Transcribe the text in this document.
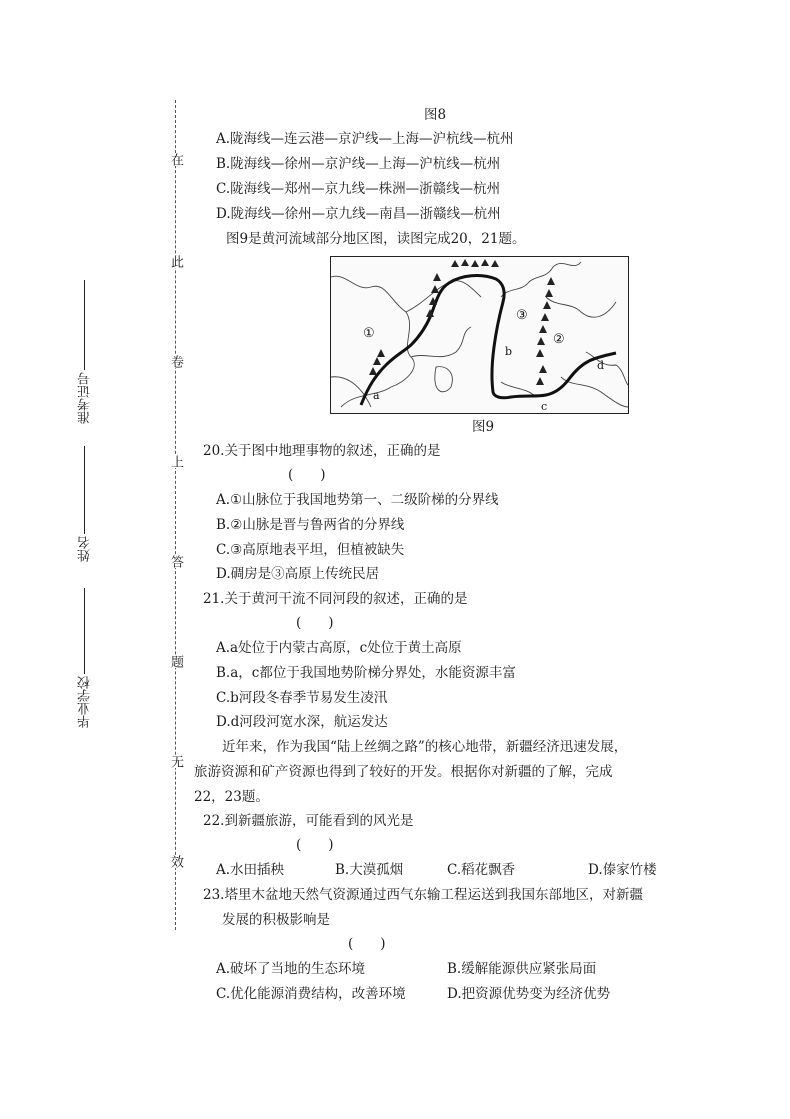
在
此
卷
上
答
题
无
效
准考证号
姓名
毕业学校
图8
A.陇海线—连云港—京沪线—上海—沪杭线—杭州
B.陇海线—徐州—京沪线—上海—沪杭线—杭州
C.陇海线—郑州—京九线—株洲—浙赣线—杭州
D.陇海线—徐州—京九线—南昌—浙赣线—杭州
图9是黄河流域部分地区图，读图完成20，21题。
①
③
②
a
b
c
d
图9
20.关于图中地理事物的叙述，正确的是
(　　)
A.①山脉位于我国地势第一、二级阶梯的分界线
B.②山脉是晋与鲁两省的分界线
C.③高原地表平坦，但植被缺失
D.碉房是③高原上传统民居
21.关于黄河干流不同河段的叙述，正确的是
(　　)
A.a处位于内蒙古高原，c处位于黄土高原
B.a，c都位于我国地势阶梯分界处，水能资源丰富
C.b河段冬春季节易发生凌汛
D.d河段河宽水深，航运发达
近年来，作为我国“陆上丝绸之路”的核心地带，新疆经济迅速发展，
旅游资源和矿产资源也得到了较好的开发。根据你对新疆的了解，完成
22，23题。
22.到新疆旅游，可能看到的风光是
(　　)
A.水田插秧	B.大漠孤烟	C.稻花飘香	D.傣家竹楼
23.塔里木盆地天然气资源通过西气东输工程运送到我国东部地区，对新疆
发展的积极影响是
(　　)
A.破坏了当地的生态环境	B.缓解能源供应紧张局面
C.优化能源消费结构，改善环境	D.把资源优势变为经济优势
